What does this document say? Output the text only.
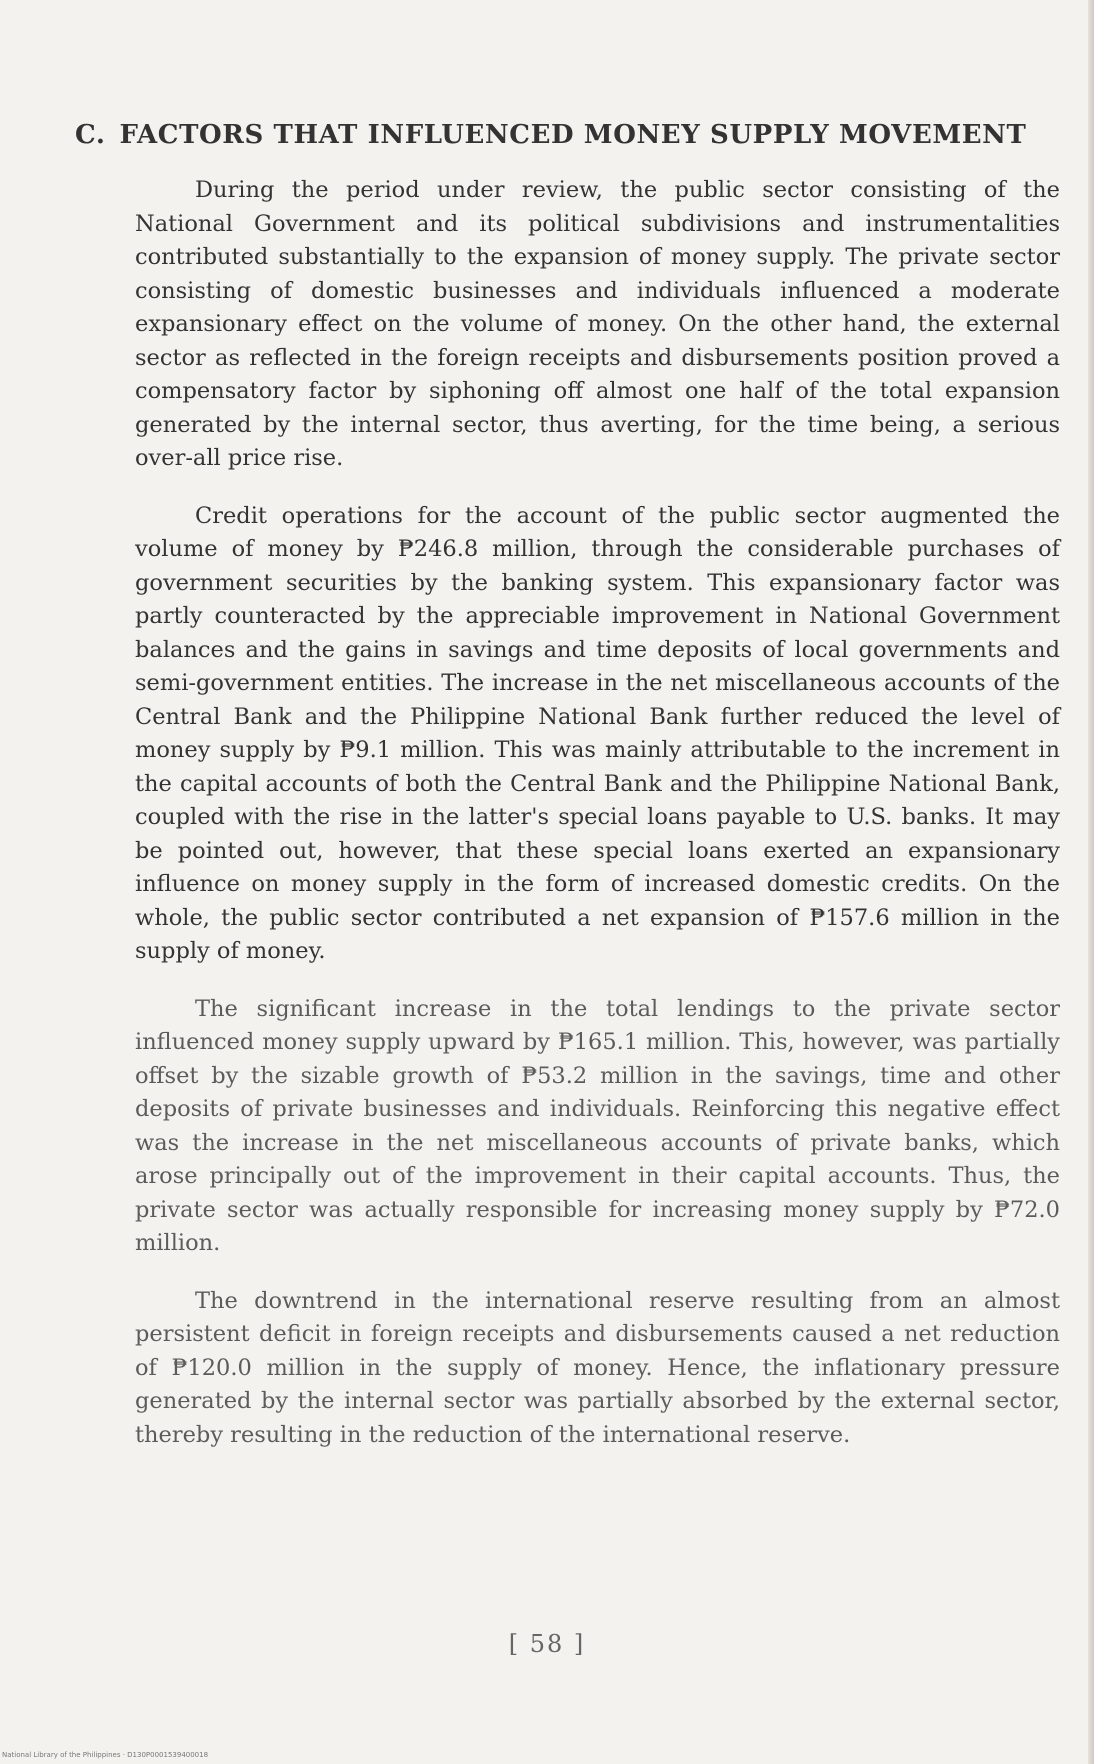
C. FACTORS THAT INFLUENCED MONEY SUPPLY MOVEMENT

During the period under review, the public sector consisting of the National Government and its political subdivisions and instrumentalities contributed substantially to the expansion of money supply. The private sector consisting of domestic businesses and individuals influenced a moderate expansionary effect on the volume of money. On the other hand, the external sector as reflected in the foreign receipts and disbursements position proved a compensatory factor by siphoning off almost one half of the total expansion generated by the internal sector, thus averting, for the time being, a serious over-all price rise.

Credit operations for the account of the public sector augmented the volume of money by ₱246.8 million, through the considerable purchases of government securities by the banking system. This expansionary factor was partly counteracted by the appreciable improvement in National Government balances and the gains in savings and time deposits of local governments and semi-government entities. The increase in the net miscellaneous accounts of the Central Bank and the Philippine National Bank further reduced the level of money supply by ₱9.1 million. This was mainly attributable to the increment in the capital accounts of both the Central Bank and the Philippine National Bank, coupled with the rise in the latter's special loans payable to U.S. banks. It may be pointed out, however, that these special loans exerted an expansionary influence on money supply in the form of increased domestic credits. On the whole, the public sector contributed a net expansion of ₱157.6 million in the supply of money.

The significant increase in the total lendings to the private sector influenced money supply upward by ₱165.1 million. This, however, was partially offset by the sizable growth of ₱53.2 million in the savings, time and other deposits of private businesses and individuals. Reinforcing this negative effect was the increase in the net miscellaneous accounts of private banks, which arose principally out of the improvement in their capital accounts. Thus, the private sector was actually responsible for increasing money supply by ₱72.0 million.

The downtrend in the international reserve resulting from an almost persistent deficit in foreign receipts and disbursements caused a net reduction of ₱120.0 million in the supply of money. Hence, the inflationary pressure generated by the internal sector was partially absorbed by the external sector, thereby resulting in the reduction of the international reserve.

[ 58 ]
National Library of the Philippines · D130P0001539400018
